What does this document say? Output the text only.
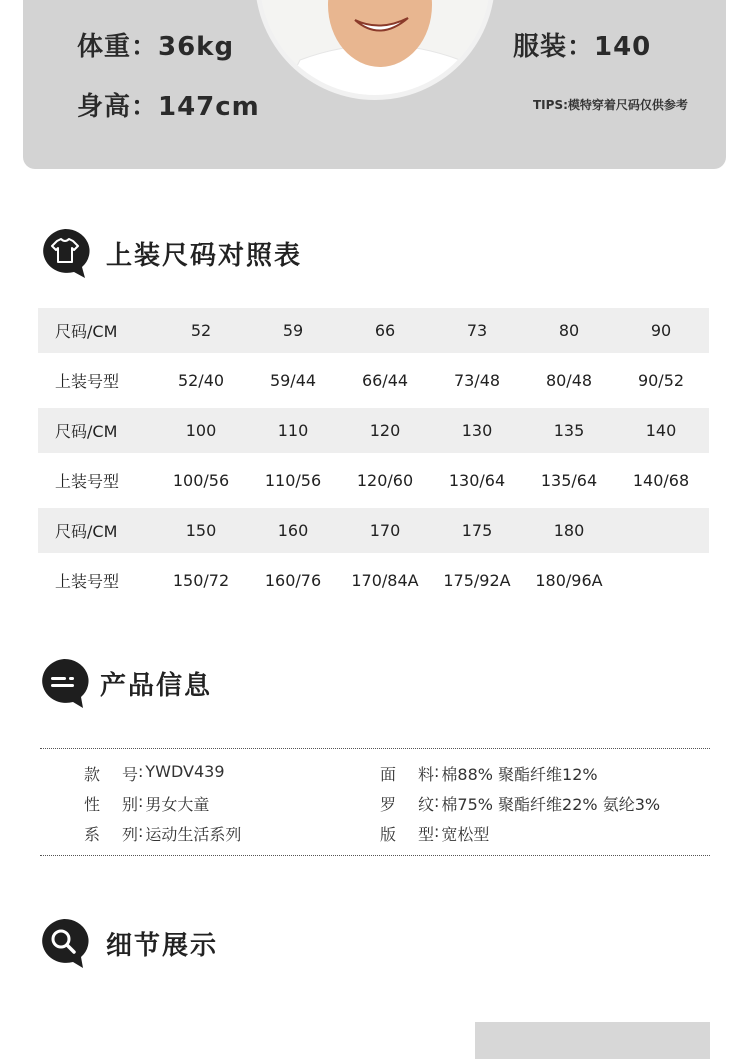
体重：36kg
身高：147cm
服装：140
TIPS:模特穿着尺码仅供参考
上装尺码对照表
尺码/CM	52	59	66	73	80	90
上装号型	52/40	59/44	66/44	73/48	80/48	90/52
尺码/CM	100	110	120	130	135	140
上装号型	100/56	110/56	120/60	130/64	135/64	140/68
尺码/CM	150	160	170	175	180
上装号型	150/72	160/76	170/84A	175/92A	180/96A
产品信息
款号 : YWDV439
性别 : 男女大童
系列 : 运动生活系列
面料 : 棉88% 聚酯纤维12%
罗纹 : 棉75% 聚酯纤维22% 氨纶3%
版型 : 宽松型
细节展示
